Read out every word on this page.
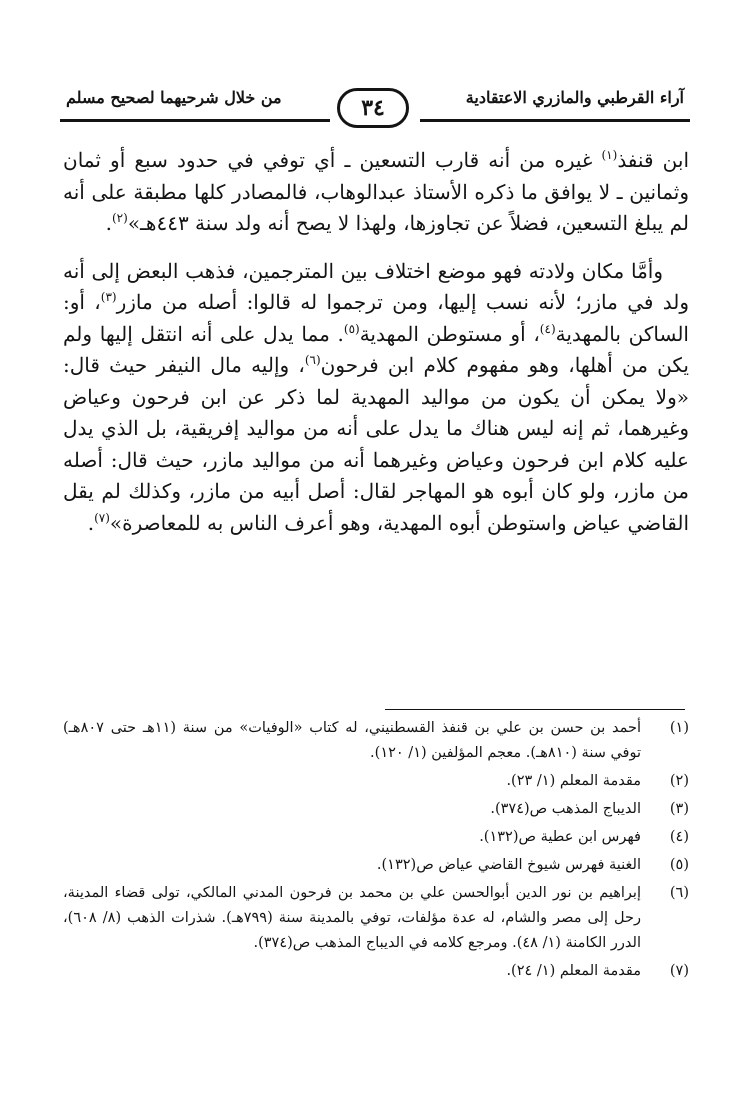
آراء القرطبي والمازري الاعتقادية
٣٤
من خلال شرحيهما لصحيح مسلم

ابن قنفذ$^{(١)}$ غيره من أنه قارب التسعين ـ أي توفي في حدود سبع أو ثمان وثمانين ـ لا يوافق ما ذكره الأستاذ عبدالوهاب، فالمصادر كلها مطبقة على أنه لم يبلغ التسعين، فضلاً عن تجاوزها، ولهذا لا يصح أنه ولد سنة ٤٤٣هـ»$^{(٢)}$.

وأمَّا مكان ولادته فهو موضع اختلاف بين المترجمين، فذهب البعض إلى أنه ولد في مازر؛ لأنه نسب إليها، ومن ترجموا له قالوا: أصله من مازر$^{(٣)}$، أو: الساكن بالمهدية$^{(٤)}$، أو مستوطن المهدية$^{(٥)}$. مما يدل على أنه انتقل إليها ولم يكن من أهلها، وهو مفهوم كلام ابن فرحون$^{(٦)}$، وإليه مال النيفر حيث قال: «ولا يمكن أن يكون من مواليد المهدية لما ذكر عن ابن فرحون وعياض وغيرهما، ثم إنه ليس هناك ما يدل على أنه من مواليد إفريقية، بل الذي يدل عليه كلام ابن فرحون وعياض وغيرهما أنه من مواليد مازر، حيث قال: أصله من مازر، ولو كان أبوه هو المهاجر لقال: أصل أبيه من مازر، وكذلك لم يقل القاضي عياض واستوطن أبوه المهدية، وهو أعرف الناس به للمعاصرة»$^{(٧)}$.

(١)
أحمد بن حسن بن علي بن قنفذ القسطنيني، له كتاب «الوفيات» من سنة (١١هـ حتى ٨٠٧هـ) توفي سنة (٨١٠هـ). معجم المؤلفين (١/ ١٢٠).
(٢)
مقدمة المعلم (١/ ٢٣).
(٣)
الديباج المذهب ص(٣٧٤).
(٤)
فهرس ابن عطية ص(١٣٢).
(٥)
الغنية فهرس شيوخ القاضي عياض ص(١٣٢).
(٦)
إبراهيم بن نور الدين أبوالحسن علي بن محمد بن فرحون المدني المالكي، تولى قضاء المدينة، رحل إلى مصر والشام، له عدة مؤلفات، توفي بالمدينة سنة (٧٩٩هـ). شذرات الذهب (٨/ ٦٠٨)، الدرر الكامنة (١/ ٤٨). ومرجع كلامه في الديباج المذهب ص(٣٧٤).
(٧)
مقدمة المعلم (١/ ٢٤).
